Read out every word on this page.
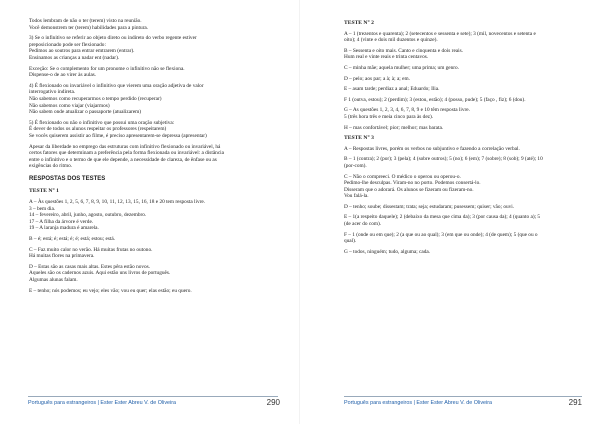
Todos lembram de não o ter (terem) visto na reunião.
Você demonstrem ter (terem) habilidades para a pintura.

3) Se o infinitivo se referir ao objeto direto ou indireto do verbo regente estiver
preposicionado pode ser flexionado:
Pedimos ao soutros para entrar emtrarem (entrar).
Ensinamos as crianças a nadar ent (nadar).

Exceção: Se o complemento for um pronome o infinitivo não se flexiona.
Dispense-o de ao virer às aulas.

4) É flexionado ou invariável o infinitivo que vierem uma oração adjetiva de valor
interrogativo indireta.
Não sabemos como recuperarmos o tempo perdido (recuperar)
Não sabemos como viajar (viajarmos)
Não sabem onde atualizar o passaporte (atualizarem)

5) É flexionado ou não o infinitivo que possui uma oração subjetiva:
É dever de todos os alunos respeitar os professores (respeitarem)
Se vocês quiserem assistir ao filme, é preciso apresentarem-se depressa (apresentar)

Apesar da liberdade no emprego das estruturas com infinitivo flexionado ou invariável, há
certos fatores que determinam a preferência pela forma flexionada ou invariável: a distância
entre o infinitivo e o termo de que ele depende, a necessidade de clareza, de ênfase ou as
exigências do ritmo.

RESPOSTAS DOS TESTES
TESTE N° 1

A – Às questões 1, 2, 5, 6, 7, 8, 9, 10, 11, 12, 13, 15, 16, 18 e 20 tem resposta livre.
3 – bem dia.
14 – fevereiro, abril, junho, agosto, outubro, dezembro.
17 – A filha da árvore é verde.
19 – A laranja madura é amarela.

B – é; está; é; está; é; é; está; estou; está.

C – Faz muito calor no verão. Há muitas frutas no outono.
Há muitas flores na primavera.

D – Estas são as casas mais altas. Estes pêra estão novos.
Aqueles são os cadernos azuis. Aqui estão uns livros de português.
Algumas alunas falam.

E – tenho; nós podemos; eu vejo; eles vão; vou eu quer; elas estão; eu quero.

Português para estrangeiros | Ester Ester Abreu V. de Oliveira	290
TESTE N° 2

A – 1 (trezentos e quarenta); 2 (setecentos e sessenta e sete); 3 (mil, novecentos e setenta e
oito); 4 (vinte e dois mil duzentos e quinze).

B – Sessenta e oito mais. Canto e cinquenta e dois reais.
Hum real e vinte reais e trinta centavos.

C – minha mãe; aquela mulher; uma prima; um genro.

D – pelo; aos par; a à; à; a; em.

E – asam tarde; perdiaz a anal; Eduardo; Ilia.

F 1 (outva, estou); 2 (perdim); 3 (estou, estão); 4 (posso, pude); 5 (faço , fiz); 6 (dou).

G – As questões 1, 2, 3, 4, 6, 7, 8, 9 e 10 têm resposta livre.
5 (três hora três e meia cinco para às dez).

H – mas confortável; pior; melhor; mas barata.

TESTE N° 3

A – Respostas livres, porém os verbos no subjuntivo e fazendo a correlação verbal.

B – 1 (contra); 2 (por); 3 (pela); 4 (sobre outros); 5 (no); 6 (em); 7 (sobre); 8 (sob); 9 (até); 10
(por-com).

C – Não o compreeci. O médico o operou ou operou-o.
Pedimo-lhe desculpas. Viram-no no porto. Podemos consertá-lo.
Disseram que o adorará. Os alunos se fizeram ou fizeram-no.
Vou falá-la.

D – tenho; soube; dissestam; trata; seja; estudaram; pusessem; quiser; vão; ouvi.

E – 1(a respeito daquele); 2 (debaixo da mesa que cima da); 3 (por causa da); 4 (quanto a); 5
(de acer do com).

F – 1 (onde ou em que); 2 (a que ou ao qual); 3 (em que ou onde); 4 (de quem); 5 (que ou o
qual).

G – todos, ninguém; tudo, alguma; cada.

Português para estrangeiros | Ester Ester Abreu V. de Oliveira	291
